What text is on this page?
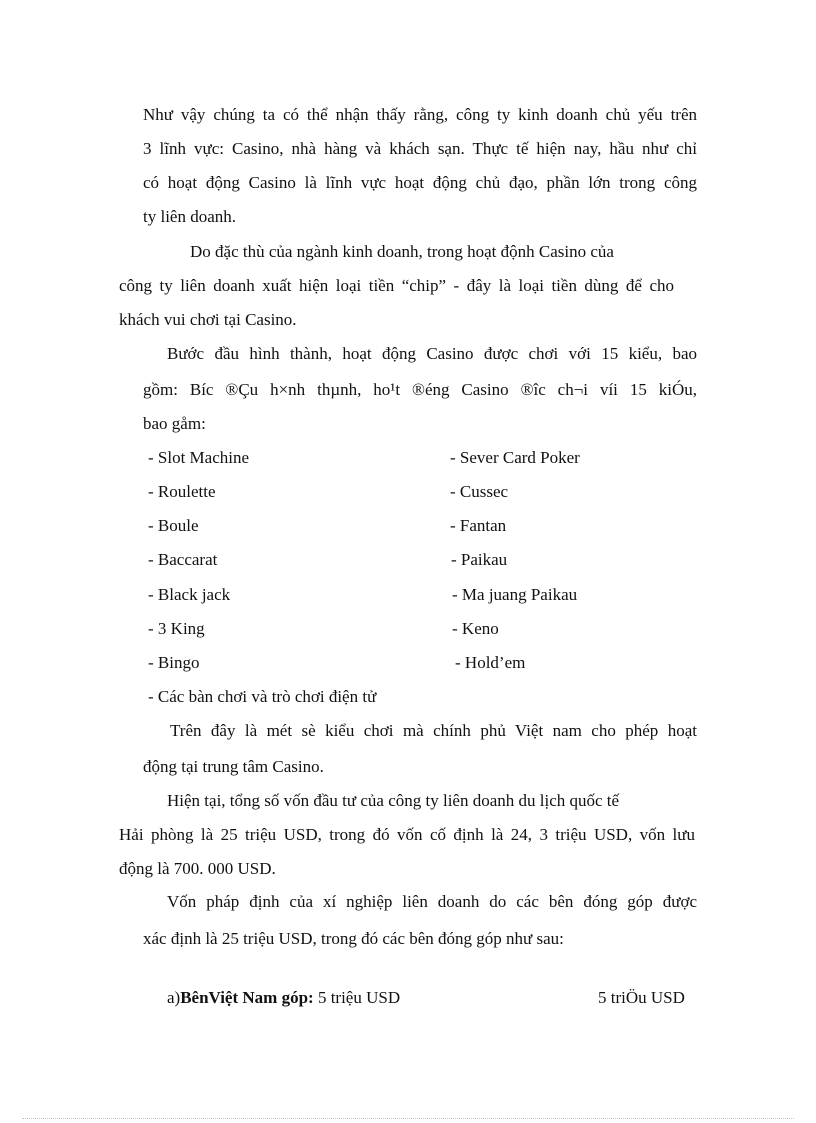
Như vậy chúng ta có thể nhận thấy rằng, công ty kinh doanh chủ yếu trên
3 lĩnh vực: Casino, nhà hàng và khách sạn. Thực tế hiện nay, hầu như chỉ
có hoạt động Casino là lĩnh vực hoạt động chủ đạo, phần lớn trong công
ty liên doanh.
Do đặc thù của ngành kinh doanh, trong hoạt độnh Casino của
công ty liên doanh xuất hiện loại tiền “chip” - đây là loại tiền dùng để cho
khách vui chơi tại Casino.
Bước đầu hình thành, hoạt động Casino được chơi với 15 kiểu, bao
gồm: Bíc ®Çu h×nh thµnh, ho¹t ®éng Casino ®îc ch¬i víi 15 kiÓu,
bao gåm:
- Slot Machine
- Roulette
- Boule
- Baccarat
- Black jack
- 3 King
- Bingo
- Sever Card Poker
- Cussec
- Fantan
- Paikau
- Ma juang Paikau
- Keno
- Hold’em
- Các bàn chơi và trò chơi điện tử
Trên đây là mét sè kiểu chơi mà chính phủ Việt nam cho phép hoạt
động tại trung tâm Casino.
Hiện tại, tổng số vốn đầu tư của công ty liên doanh du lịch quốc tế
Hải phòng là 25 triệu USD, trong đó vốn cố định là 24, 3 triệu USD, vốn lưu
động là 700. 000 USD.
Vốn pháp định của xí nghiệp liên doanh do các bên đóng góp được
xác định là 25 triệu USD, trong đó các bên đóng góp như sau:
a)BênViệt Nam góp: 5 triệu USD	5 triÖu USD
